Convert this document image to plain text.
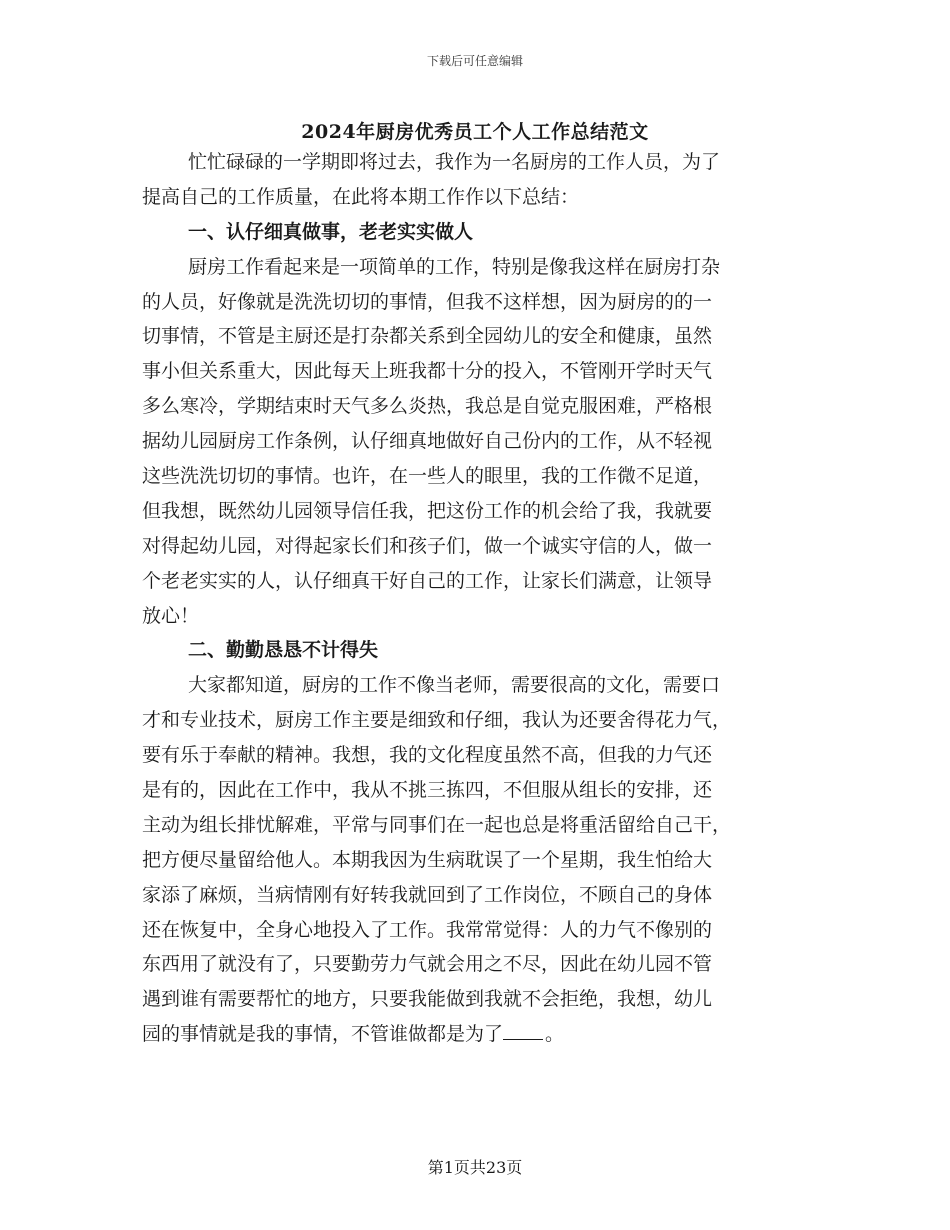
下载后可任意编辑
2024年厨房优秀员工个人工作总结范文
忙忙碌碌的一学期即将过去，我作为一名厨房的工作人员，为了
提高自己的工作质量，在此将本期工作作以下总结：
一、认仔细真做事，老老实实做人
厨房工作看起来是一项简单的工作，特别是像我这样在厨房打杂
的人员，好像就是洗洗切切的事情，但我不这样想，因为厨房的的一
切事情，不管是主厨还是打杂都关系到全园幼儿的安全和健康，虽然
事小但关系重大，因此每天上班我都十分的投入，不管刚开学时天气
多么寒冷，学期结束时天气多么炎热，我总是自觉克服困难，严格根
据幼儿园厨房工作条例，认仔细真地做好自己份内的工作，从不轻视
这些洗洗切切的事情。也许，在一些人的眼里，我的工作微不足道，
但我想，既然幼儿园领导信任我，把这份工作的机会给了我，我就要
对得起幼儿园，对得起家长们和孩子们，做一个诚实守信的人，做一
个老老实实的人，认仔细真干好自己的工作，让家长们满意，让领导
放心！
二、勤勤恳恳不计得失
大家都知道，厨房的工作不像当老师，需要很高的文化，需要口
才和专业技术，厨房工作主要是细致和仔细，我认为还要舍得花力气，
要有乐于奉献的精神。我想，我的文化程度虽然不高，但我的力气还
是有的，因此在工作中，我从不挑三拣四，不但服从组长的安排，还
主动为组长排忧解难，平常与同事们在一起也总是将重活留给自己干，
把方便尽量留给他人。本期我因为生病耽误了一个星期，我生怕给大
家添了麻烦，当病情刚有好转我就回到了工作岗位，不顾自己的身体
还在恢复中，全身心地投入了工作。我常常觉得：人的力气不像别的
东西用了就没有了，只要勤劳力气就会用之不尽，因此在幼儿园不管
遇到谁有需要帮忙的地方，只要我能做到我就不会拒绝，我想，幼儿
园的事情就是我的事情，不管谁做都是为了 。
第1页共23页
